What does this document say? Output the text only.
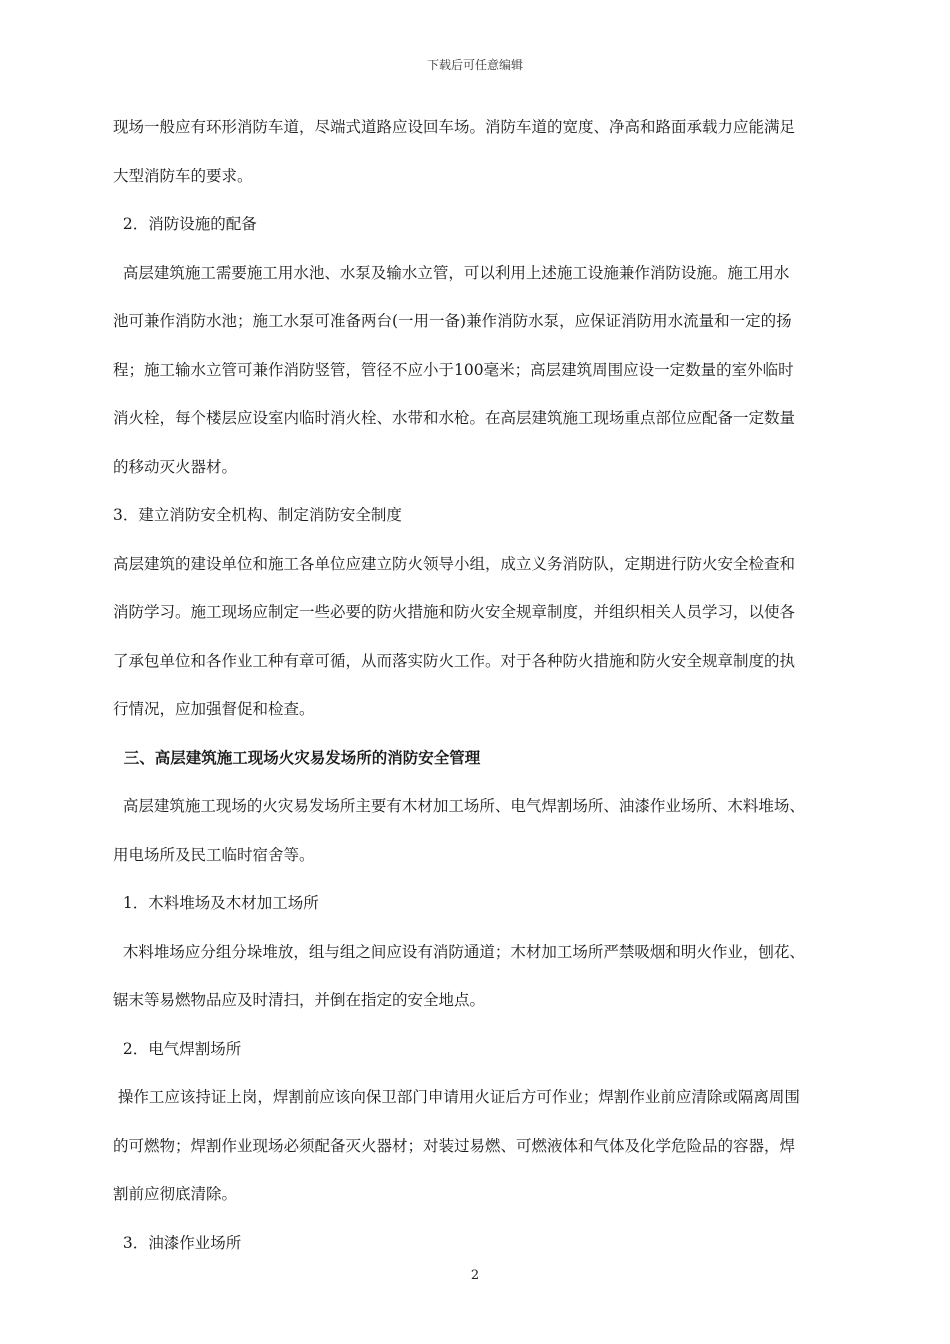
下载后可任意编辑

现场一般应有环形消防车道，尽端式道路应设回车场。消防车道的宽度、净高和路面承载力应能满足

大型消防车的要求。

2．消防设施的配备

高层建筑施工需要施工用水池、水泵及输水立管，可以利用上述施工设施兼作消防设施。施工用水

池可兼作消防水池；施工水泵可准备两台(一用一备)兼作消防水泵，应保证消防用水流量和一定的扬

程；施工输水立管可兼作消防竖管，管径不应小于100毫米；高层建筑周围应设一定数量的室外临时

消火栓，每个楼层应设室内临时消火栓、水带和水枪。在高层建筑施工现场重点部位应配备一定数量

的移动灭火器材。

3．建立消防安全机构、制定消防安全制度

高层建筑的建设单位和施工各单位应建立防火领导小组，成立义务消防队，定期进行防火安全检查和

消防学习。施工现场应制定一些必要的防火措施和防火安全规章制度，并组织相关人员学习，以使各

了承包单位和各作业工种有章可循，从而落实防火工作。对于各种防火措施和防火安全规章制度的执

行情况，应加强督促和检查。

三、高层建筑施工现场火灾易发场所的消防安全管理

高层建筑施工现场的火灾易发场所主要有木材加工场所、电气焊割场所、油漆作业场所、木料堆场、

用电场所及民工临时宿舍等。

1．木料堆场及木材加工场所

木料堆场应分组分垛堆放，组与组之间应设有消防通道；木材加工场所严禁吸烟和明火作业，刨花、

锯末等易燃物品应及时清扫，并倒在指定的安全地点。

2．电气焊割场所

操作工应该持证上岗，焊割前应该向保卫部门申请用火证后方可作业；焊割作业前应清除或隔离周围

的可燃物；焊割作业现场必须配备灭火器材；对装过易燃、可燃液体和气体及化学危险品的容器，焊

割前应彻底清除。

3．油漆作业场所

2
